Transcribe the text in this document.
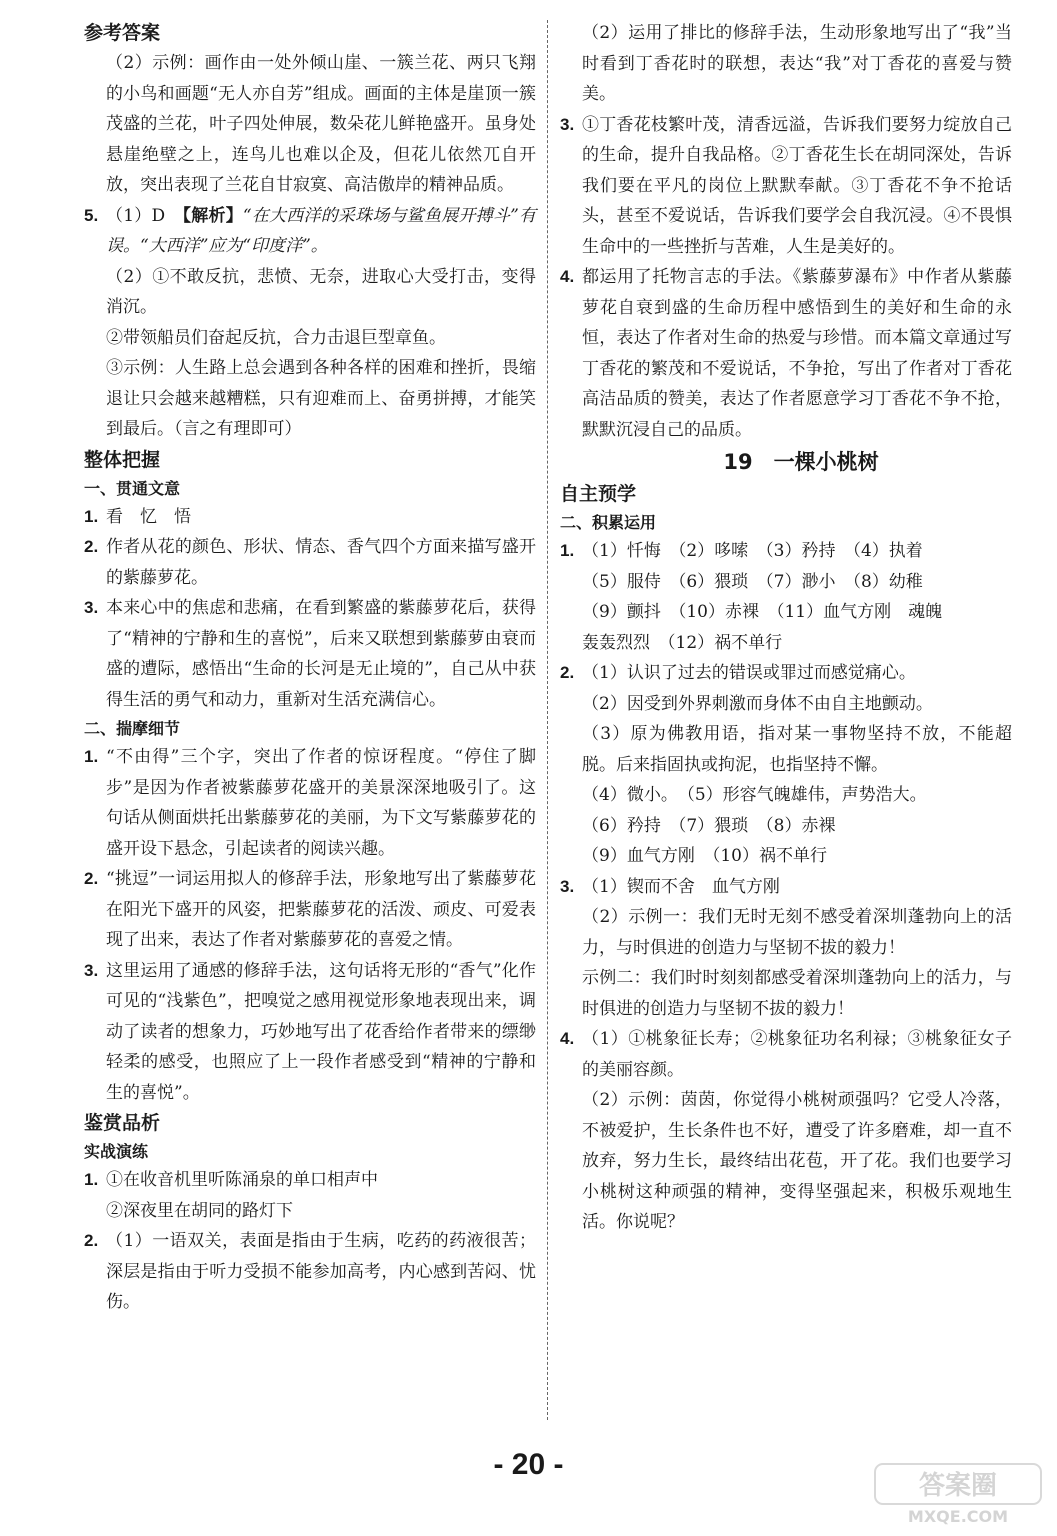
参考答案
（2）示例：画作由一处外倾山崖、一簇兰花、两只飞翔的小鸟和画题“无人亦自芳”组成。画面的主体是崖顶一簇茂盛的兰花，叶子四处伸展，数朵花儿鲜艳盛开。虽身处悬崖绝壁之上，连鸟儿也难以企及，但花儿依然兀自开放，突出表现了兰花自甘寂寞、高洁傲岸的精神品质。
5. （1）D　【解析】“在大西洋的采珠场与鲨鱼展开搏斗”有误。“大西洋”应为“印度洋”。
（2）①不敢反抗，悲愤、无奈，进取心大受打击，变得消沉。
②带领船员们奋起反抗，合力击退巨型章鱼。
③示例：人生路上总会遇到各种各样的困难和挫折，畏缩退让只会越来越糟糕，只有迎难而上、奋勇拼搏，才能笑到最后。（言之有理即可）
整体把握
一、贯通文意
1. 看　忆　悟
2. 作者从花的颜色、形状、情态、香气四个方面来描写盛开的紫藤萝花。
3. 本来心中的焦虑和悲痛，在看到繁盛的紫藤萝花后，获得了“精神的宁静和生的喜悦”，后来又联想到紫藤萝由衰而盛的遭际，感悟出“生命的长河是无止境的”，自己从中获得生活的勇气和动力，重新对生活充满信心。
二、揣摩细节
1. “不由得”三个字，突出了作者的惊讶程度。“停住了脚步”是因为作者被紫藤萝花盛开的美景深深地吸引了。这句话从侧面烘托出紫藤萝花的美丽，为下文写紫藤萝花的盛开设下悬念，引起读者的阅读兴趣。
2. “挑逗”一词运用拟人的修辞手法，形象地写出了紫藤萝花在阳光下盛开的风姿，把紫藤萝花的活泼、顽皮、可爱表现了出来，表达了作者对紫藤萝花的喜爱之情。
3. 这里运用了通感的修辞手法，这句话将无形的“香气”化作可见的“浅紫色”，把嗅觉之感用视觉形象地表现出来，调动了读者的想象力，巧妙地写出了花香给作者带来的缥缈轻柔的感受，也照应了上一段作者感受到“精神的宁静和生的喜悦”。
鉴赏品析
实战演练
1. ①在收音机里听陈涌泉的单口相声中
②深夜里在胡同的路灯下
2. （1）一语双关，表面是指由于生病，吃药的药液很苦；深层是指由于听力受损不能参加高考，内心感到苦闷、忧伤。
（2）运用了排比的修辞手法，生动形象地写出了“我”当时看到丁香花时的联想，表达“我”对丁香花的喜爱与赞美。
3. ①丁香花枝繁叶茂，清香远溢，告诉我们要努力绽放自己的生命，提升自我品格。②丁香花生长在胡同深处，告诉我们要在平凡的岗位上默默奉献。③丁香花不争不抢话头，甚至不爱说话，告诉我们要学会自我沉浸。④不畏惧生命中的一些挫折与苦难，人生是美好的。
4. 都运用了托物言志的手法。《紫藤萝瀑布》中作者从紫藤萝花自衰到盛的生命历程中感悟到生的美好和生命的永恒，表达了作者对生命的热爱与珍惜。而本篇文章通过写丁香花的繁茂和不爱说话，不争抢，写出了作者对丁香花高洁品质的赞美，表达了作者愿意学习丁香花不争不抢，默默沉浸自己的品质。
19　一棵小桃树
自主预学
二、积累运用
1. （1）忏悔　（2）哆嗦　（3）矜持　（4）执着
（5）服侍　（6）猥琐　（7）渺小　（8）幼稚
（9）颤抖　（10）赤裸　（11）血气方刚　魂魄
轰轰烈烈　（12）祸不单行
2. （1）认识了过去的错误或罪过而感觉痛心。
（2）因受到外界刺激而身体不由自主地颤动。
（3）原为佛教用语，指对某一事物坚持不放，不能超脱。后来指固执或拘泥，也指坚持不懈。
（4）微小。　（5）形容气魄雄伟，声势浩大。
（6）矜持　（7）猥琐　（8）赤裸
（9）血气方刚　（10）祸不单行
3. （1）锲而不舍　血气方刚
（2）示例一：我们无时无刻不感受着深圳蓬勃向上的活力，与时俱进的创造力与坚韧不拔的毅力！
示例二：我们时时刻刻都感受着深圳蓬勃向上的活力，与时俱进的创造力与坚韧不拔的毅力！
4. （1）①桃象征长寿；②桃象征功名利禄；③桃象征女子的美丽容颜。
（2）示例：茵茵，你觉得小桃树顽强吗？它受人冷落，不被爱护，生长条件也不好，遭受了许多磨难，却一直不放弃，努力生长，最终结出花苞，开了花。我们也要学习小桃树这种顽强的精神，变得坚强起来，积极乐观地生活。你说呢？
- 20 -
答案圈
MXQE.COM
